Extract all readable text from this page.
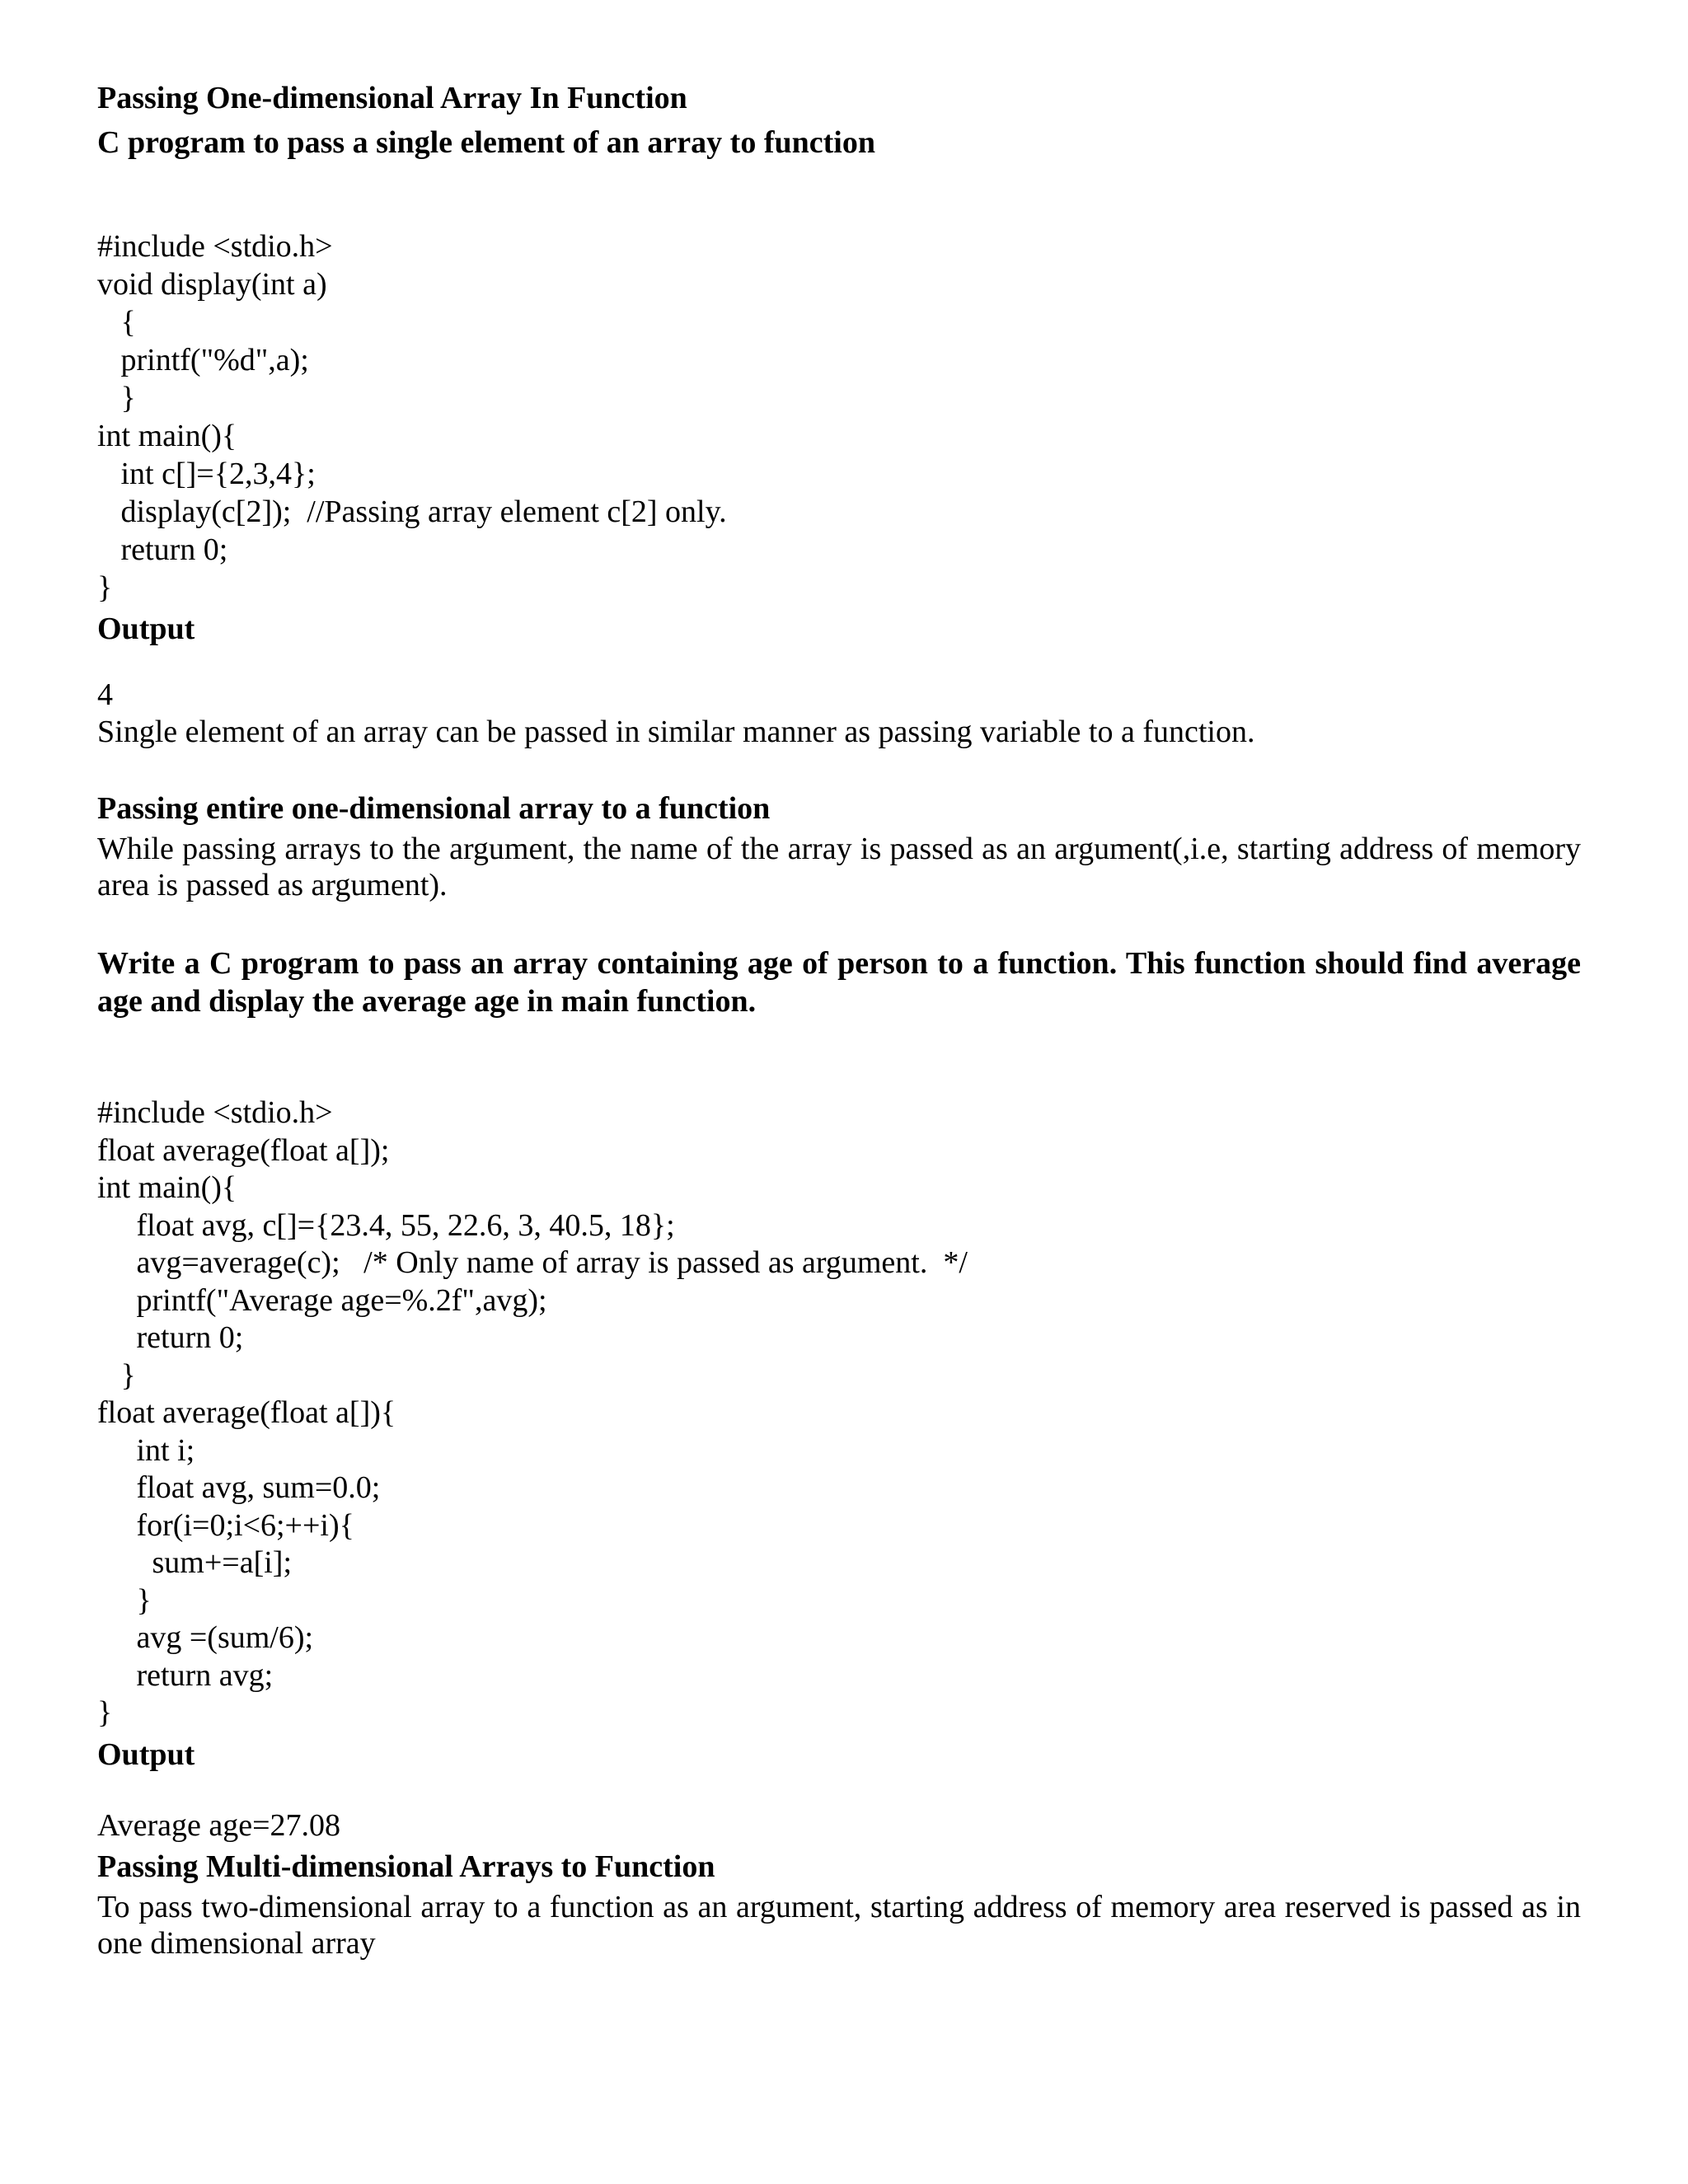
Passing One-dimensional Array In Function

C program to pass a single element of an array to function

#include <stdio.h>

void display(int a)

{

printf("%d",a);

}

int main(){

int c[]={2,3,4};

display(c[2]);  //Passing array element c[2] only.

return 0;

}

Output

4

Single element of an array can be passed in similar manner as passing variable to a function.

Passing entire one-dimensional array to a function

While passing arrays to the argument, the name of the array is passed as an argument(,i.e, starting address of memory area is passed as argument).

Write a C program to pass an array containing age of person to a function. This function should find average age and display the average age in main function.

#include <stdio.h>

float average(float a[]);

int main(){

float avg, c[]={23.4, 55, 22.6, 3, 40.5, 18};

avg=average(c);   /* Only name of array is passed as argument.  */

printf("Average age=%.2f",avg);

return 0;

}

float average(float a[]){

int i;

float avg, sum=0.0;

for(i=0;i<6;++i){

sum+=a[i];

}

avg =(sum/6);

return avg;

}

Output

Average age=27.08

Passing Multi-dimensional Arrays to Function

To pass two-dimensional array to a function as an argument, starting address of memory area reserved is passed as in one dimensional array
